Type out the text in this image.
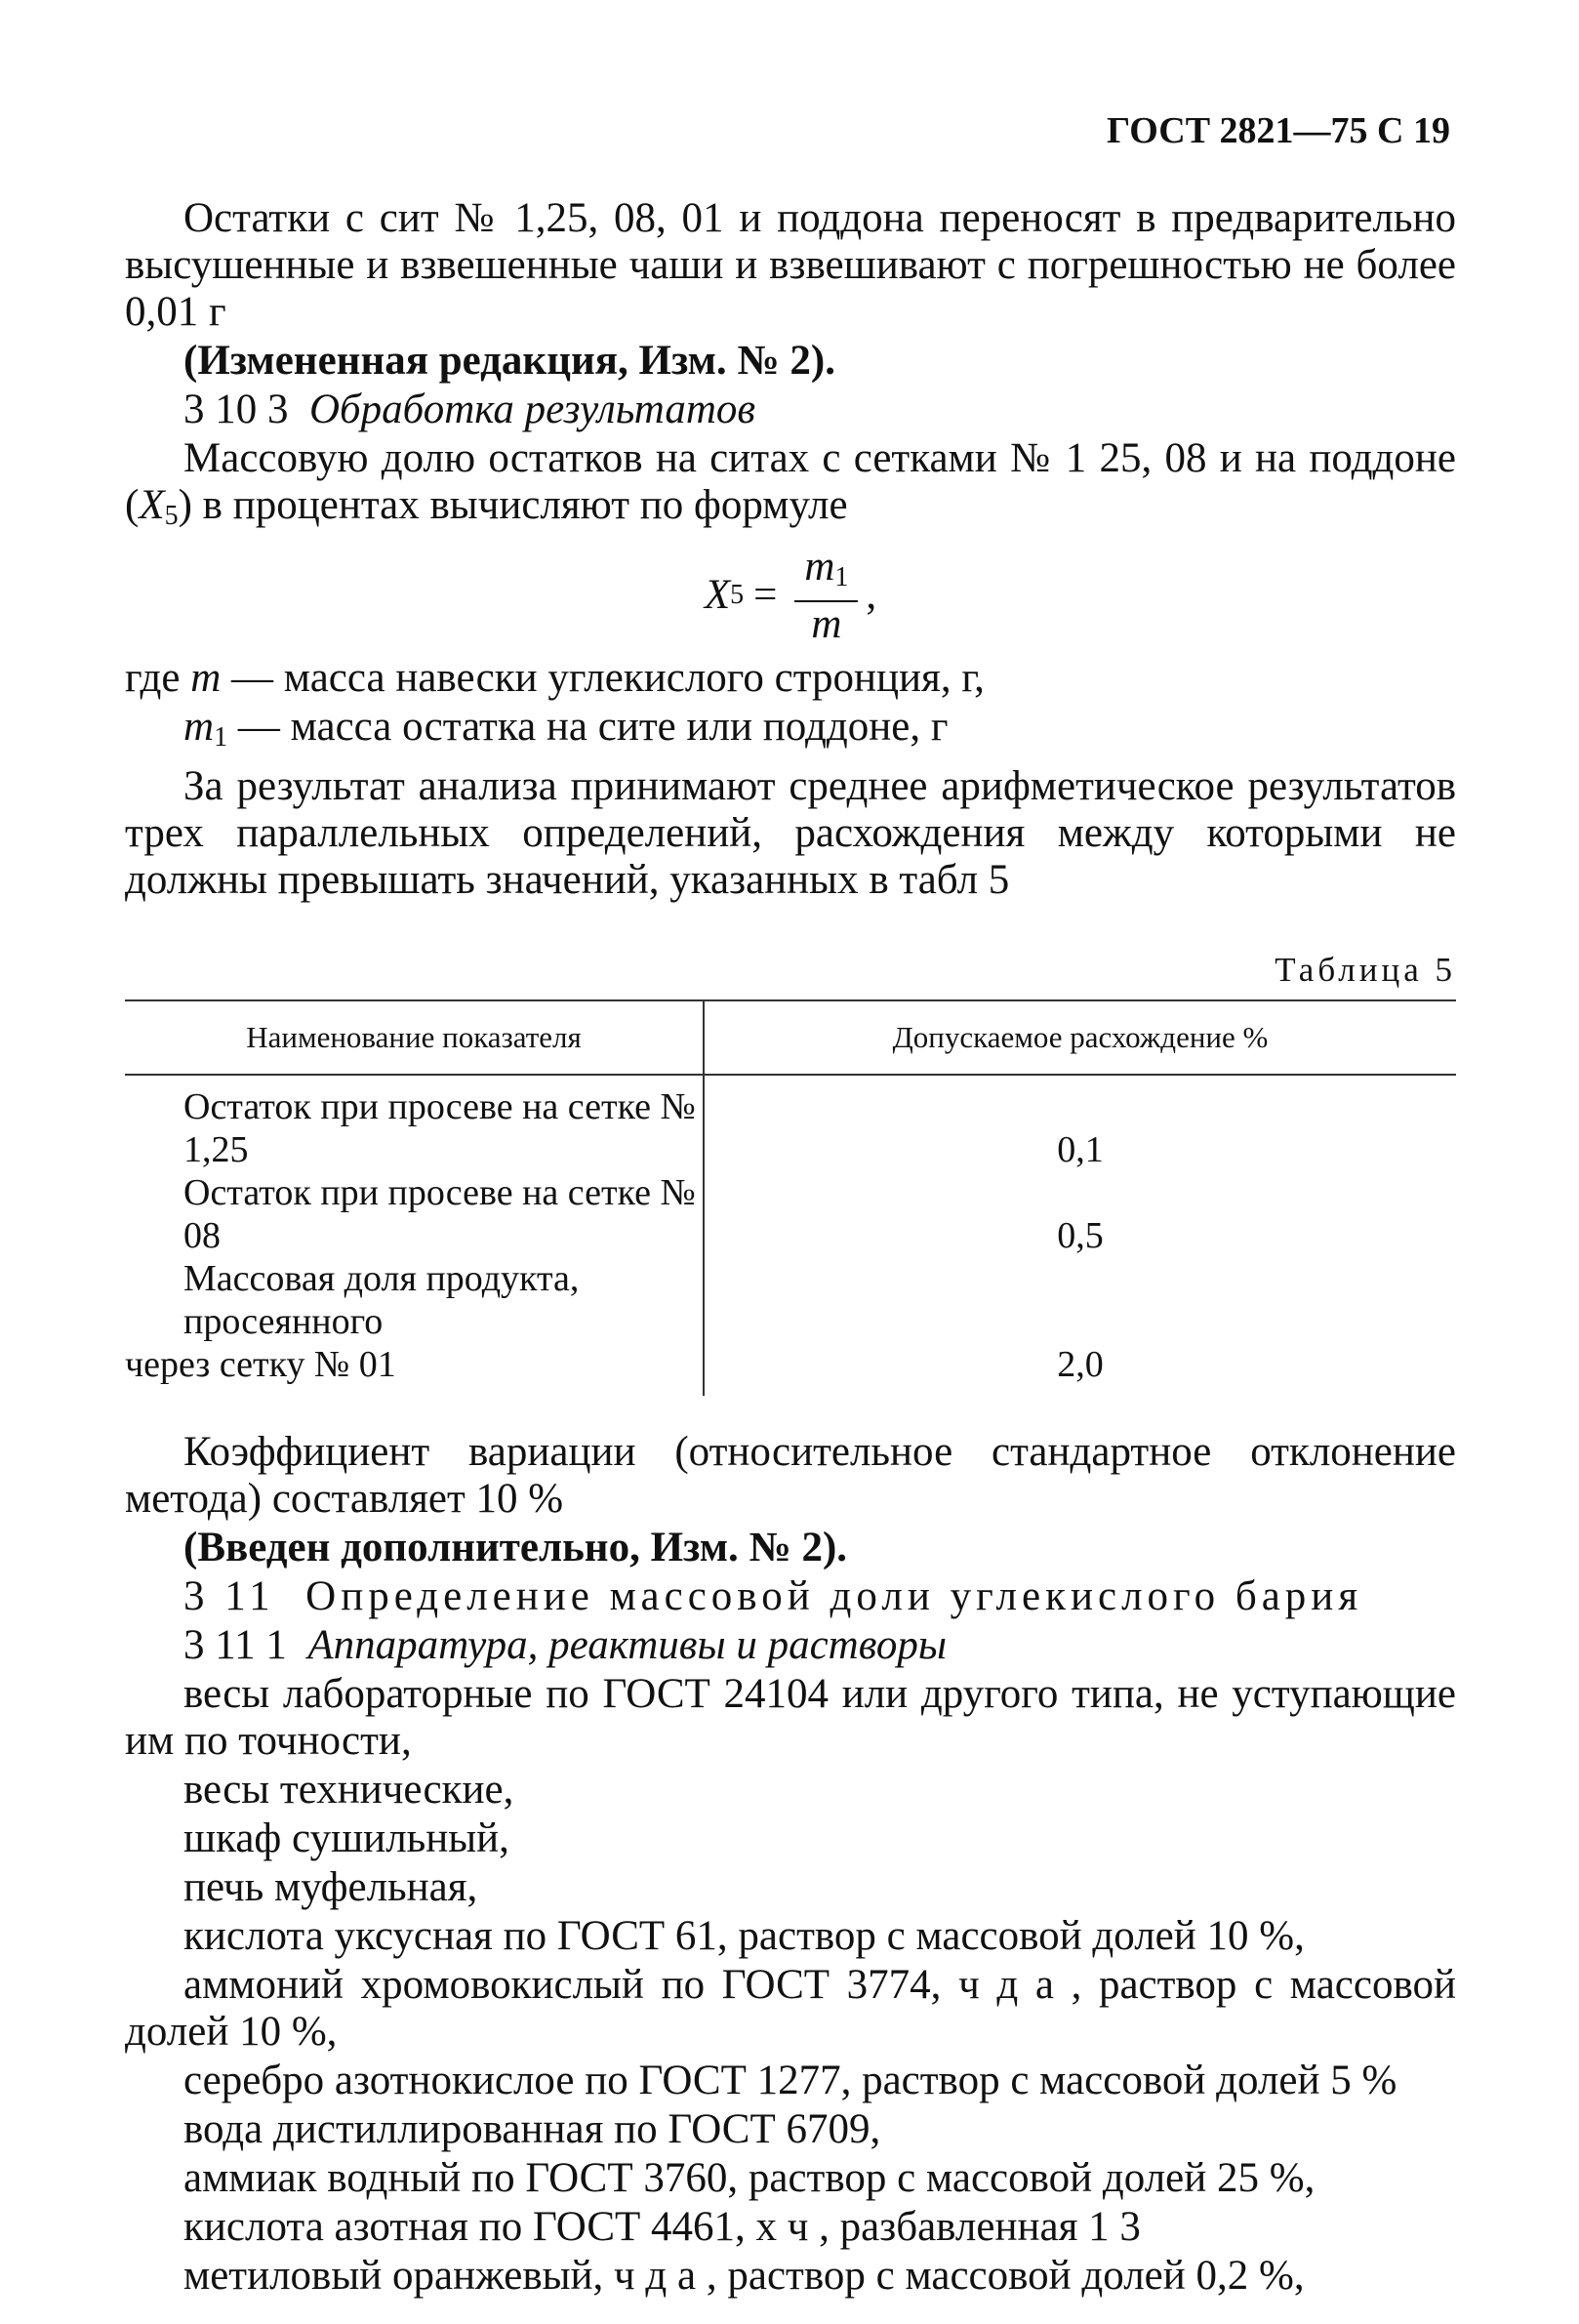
ГОСТ 2821—75 С 19

Остатки с сит № 1,25, 08, 01 и поддона переносят в предварительно высушенные и взвешенные чаши и взвешивают с погрешностью не более 0,01 г

(Измененная редакция, Изм. № 2).

3 10 3 Обработка результатов

Массовую долю остатков на ситах с сетками № 1 25, 08 и на поддоне $(X_5)$ в процентах вычисляют по формуле

X $5 = \frac{m_1}{m}$ ,

где m — масса навески углекислого стронция, г,

$m_1$ — масса остатка на сите или поддоне, г

За результат анализа принимают среднее арифметическое результатов трех параллельных определений, расхождения между которыми не должны превышать значений, указанных в табл 5

Таблица 5
Наименование показателя	Допускаемое расхождение %

Остаток при просеве на сетке № 1,25	0,1

Остаток при просеве на сетке № 08	0,5

Массовая доля продукта, просеянного
через сетку № 01	2,0

Коэффициент вариации (относительное стандартное отклонение метода) составляет 10 %

(Введен дополнительно, Изм. № 2).

3 11 Определение массовой доли углекислого бария

3 11 1 Аппаратура, реактивы и растворы

весы лабораторные по ГОСТ 24104 или другого типа, не уступающие им по точности,

весы технические,

шкаф сушильный,

печь муфельная,

кислота уксусная по ГОСТ 61, раствор с массовой долей 10 %,

аммоний хромовокислый по ГОСТ 3774, ч д а , раствор с массовой долей 10 %,

серебро азотнокислое по ГОСТ 1277, раствор с массовой долей 5 %

вода дистиллированная по ГОСТ 6709,

аммиак водный по ГОСТ 3760, раствор с массовой долей 25 %,

кислота азотная по ГОСТ 4461, х ч , разбавленная 1 3

метиловый оранжевый, ч д а , раствор с массовой долей 0,2 %,
